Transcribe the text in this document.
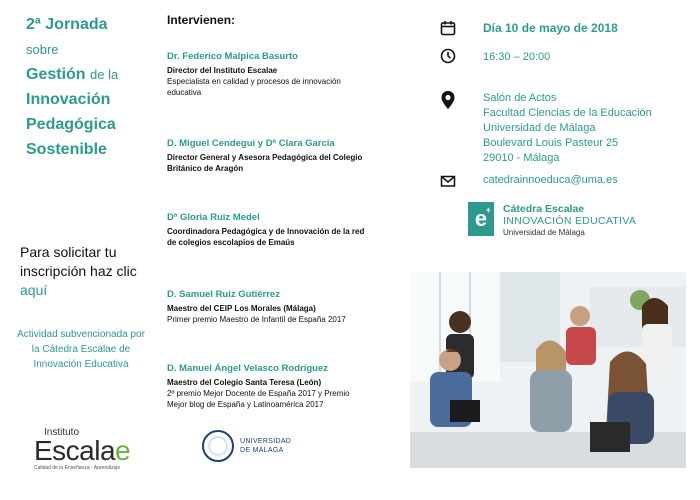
2ª Jornada
sobre
Gestión de la
Innovación
Pedagógica
Sostenible
Para solicitar tu inscripción haz clic
aquí
Actividad subvencionada por la Cátedra Escalae de Innovación Educativa
Instituto
Escalae
Calidad de la Enseñanza · Aprendizaje
UNIVERSIDAD
DE MÁLAGA
Intervienen:
Dr. Federico Malpica Basurto
Director del Instituto Escalae
Especialista en calidad y procesos de innovación educativa
D. Miguel Cendegui y Dª Clara García
Director General y Asesora Pedagógica del Colegio Británico de Aragón
Dª Gloria Ruiz Medel
Coordinadora Pedagógica y de Innovación de la red de colegios escolapios de Emaús
D. Samuel Ruiz Gutiérrez
Maestro del CEIP Los Morales (Málaga)
Primer premio Maestro de Infantil de España 2017
D. Manuel Ángel Velasco Rodríguez
Maestro del Colegio Santa Teresa (León)
2º premio Mejor Docente de España 2017 y Premio Mejor blog de España y Latinoamérica 2017
Día 10 de mayo de 2018
16:30 – 20:00
Salón de Actos
Facultad Ciencias de la Educación
Universidad de Málaga
Boulevard Louis Pasteur 25
29010 - Málaga
catedrainnoeduca@uma.es
e
+ Cátedra Escalae
INNOVACIÓN EDUCATIVA
Universidad de Málaga
